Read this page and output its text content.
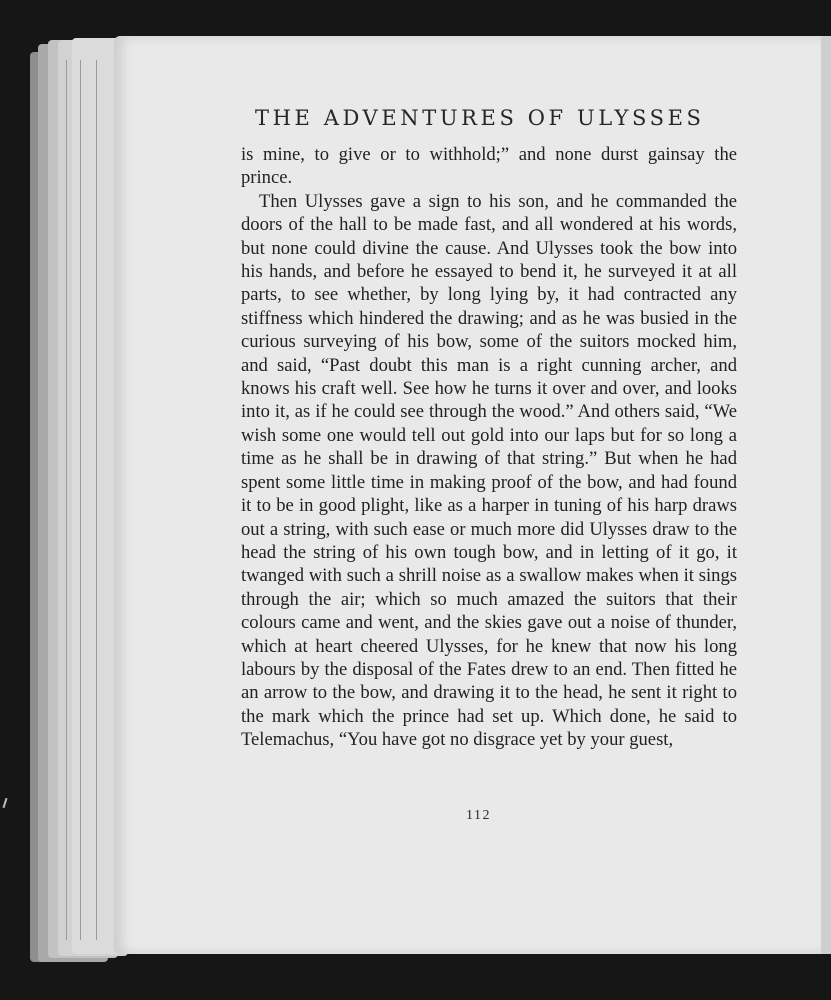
THE ADVENTURES OF ULYSSES

is mine, to give or to withhold;” and none durst gainsay the prince.

Then Ulysses gave a sign to his son, and he commanded the doors of the hall to be made fast, and all wondered at his words, but none could divine the cause. And Ulysses took the bow into his hands, and before he essayed to bend it, he surveyed it at all parts, to see whether, by long lying by, it had contracted any stiffness which hindered the drawing; and as he was busied in the curious surveying of his bow, some of the suitors mocked him, and said, “Past doubt this man is a right cunning archer, and knows his craft well. See how he turns it over and over, and looks into it, as if he could see through the wood.” And others said, “We wish some one would tell out gold into our laps but for so long a time as he shall be in drawing of that string.” But when he had spent some little time in making proof of the bow, and had found it to be in good plight, like as a harper in tuning of his harp draws out a string, with such ease or much more did Ulysses draw to the head the string of his own tough bow, and in letting of it go, it twanged with such a shrill noise as a swallow makes when it sings through the air; which so much amazed the suitors that their colours came and went, and the skies gave out a noise of thunder, which at heart cheered Ulysses, for he knew that now his long labours by the disposal of the Fates drew to an end. Then fitted he an arrow to the bow, and drawing it to the head, he sent it right to the mark which the prince had set up. Which done, he said to Telemachus, “You have got no disgrace yet by your guest,

112
